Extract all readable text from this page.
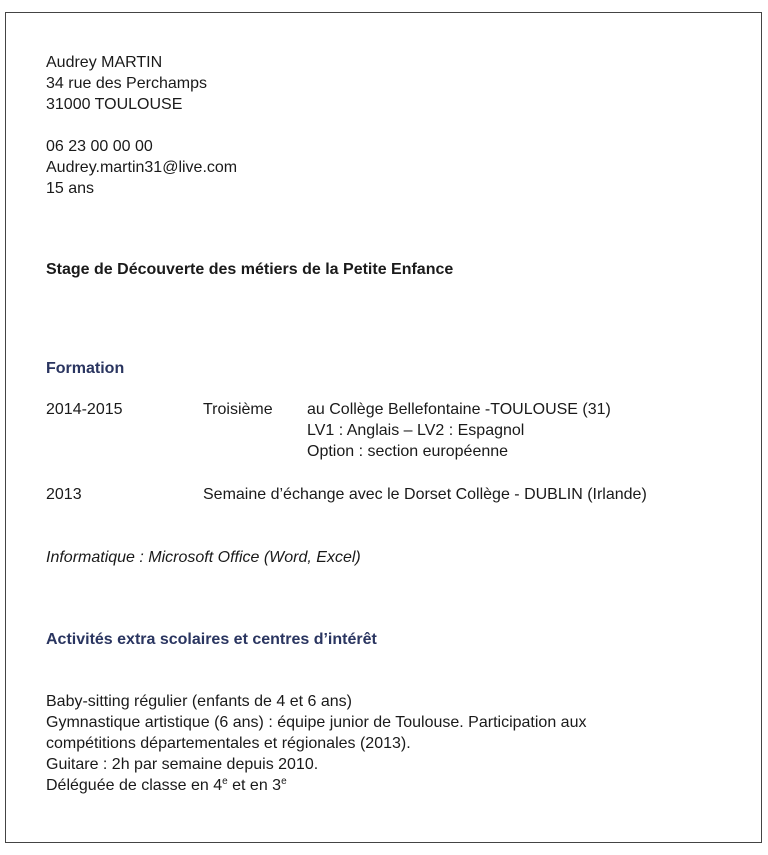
Audrey MARTIN
34 rue des Perchamps
31000 TOULOUSE
06 23 00 00 00
Audrey.martin31@live.com
15 ans
Stage de Découverte des métiers de la Petite Enfance
Formation
2014-2015	Troisième au Collège Bellefontaine -TOULOUSE (31)
LV1 : Anglais – LV2 : Espagnol
Option : section européenne
2013	Semaine d’échange avec le Dorset Collège - DUBLIN (Irlande)
Informatique : Microsoft Office (Word, Excel)
Activités extra scolaires et centres d’intérêt
Baby-sitting régulier (enfants de 4 et 6 ans)
Gymnastique artistique (6 ans) : équipe junior de Toulouse. Participation aux
compétitions départementales et régionales (2013).
Guitare : 2h par semaine depuis 2010.
Déléguée de classe en 4e et en 3e
